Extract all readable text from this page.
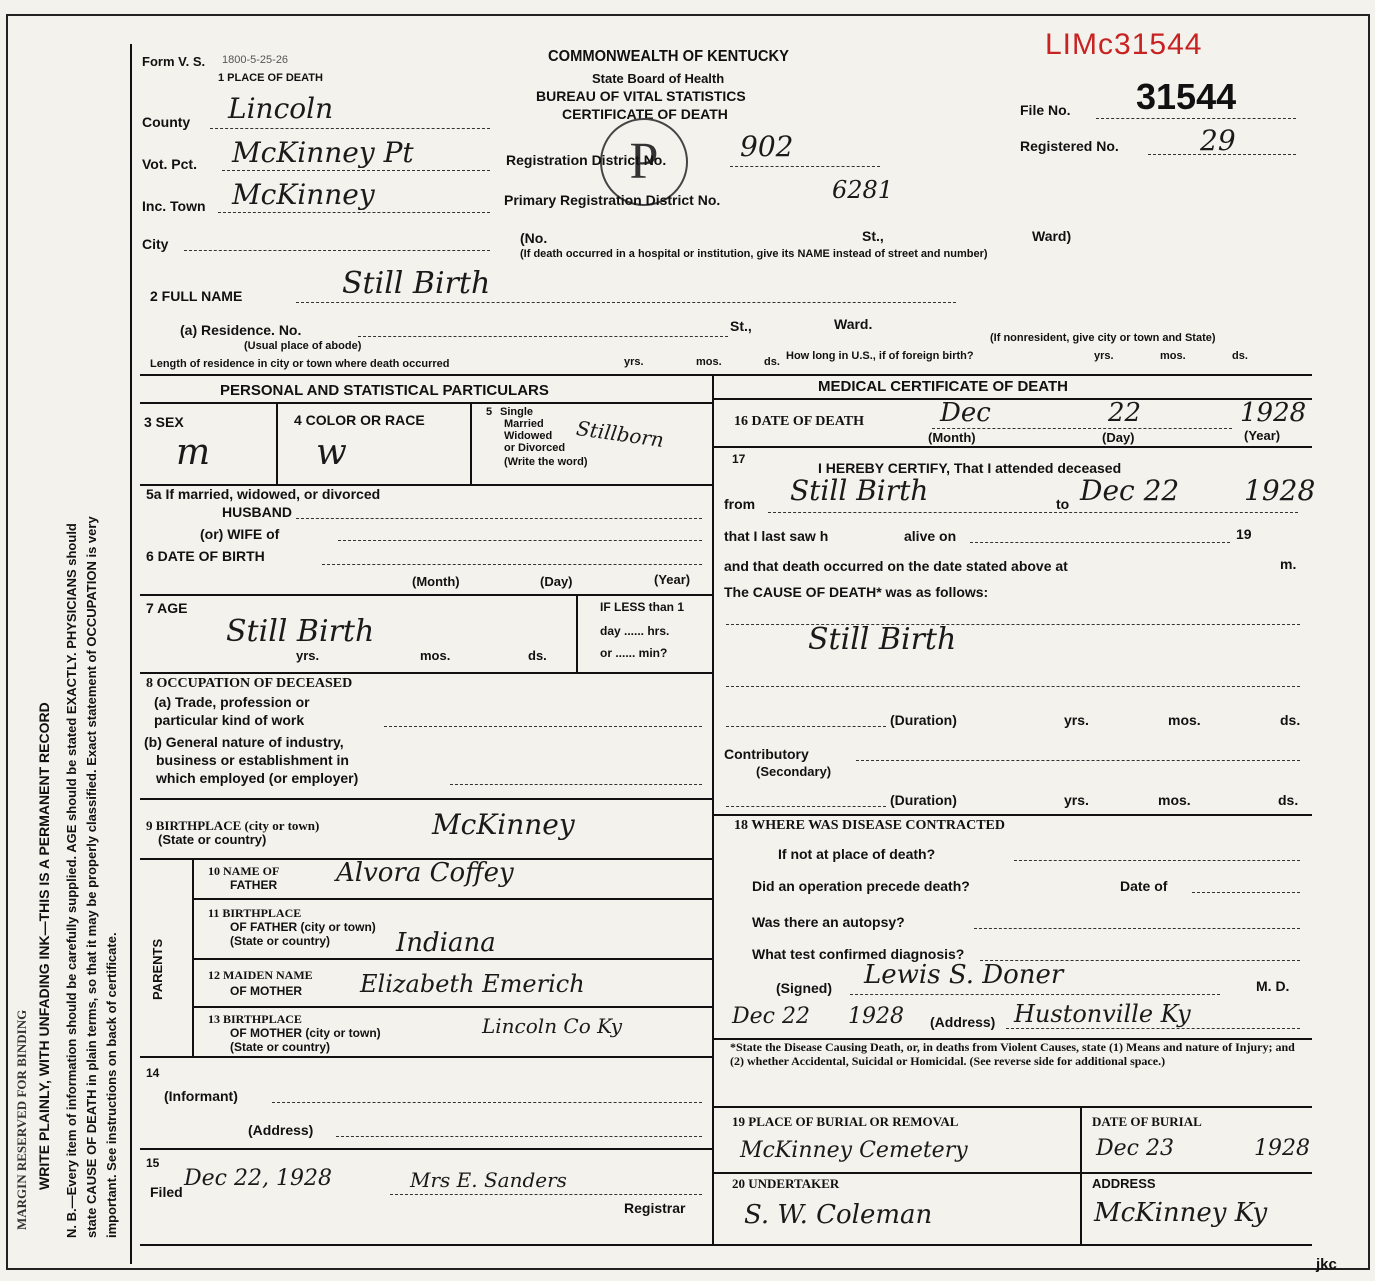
MARGIN RESERVED FOR BINDING WRITE PLAINLY, WITH UNFADING INK—THIS IS A PERMANENT RECORD N. B.—Every item of information should be carefully supplied. AGE should be stated EXACTLY. PHYSICIANS should state CAUSE OF DEATH in plain terms, so that it may be properly classified. Exact statement of OCCUPATION is very important. See instructions on back of certificate.
Form V. S. 1800-5-25-26
1 PLACE OF DEATH
COMMONWEALTH OF KENTUCKY
State Board of Health
BUREAU OF VITAL STATISTICS
CERTIFICATE OF DEATH
P
LIMc31544
File No. 31544
Registered No.	29
County Lincoln
Vot. Pct. McKinney Pt	Registration District No.	902
Inc. Town McKinney	Primary Registration District No.	6281
City	(No.	St.,	Ward)
(If death occurred in a hospital or institution, give its NAME instead of street and number)
2 FULL NAME	Still Birth
(a) Residence. No.	St.,	Ward.
(Usual place of abode)
(If nonresident, give city or town and State)
Length of residence in city or town where death occurred	yrs.	mos.	ds. How long in U.S., if of foreign birth?	yrs.	mos.	ds.
PERSONAL AND STATISTICAL PARTICULARS
3 SEX
m
4 COLOR OR RACE
w
5 Single
Married
Widowed
or Divorced
(Write the word)
Stillborn
5a If married, widowed, or divorced
HUSBAND
(or) WIFE of
6 DATE OF BIRTH
(Month)	(Day)	(Year)
7 AGE
Still Birth
yrs.	mos.	ds.
IF LESS than 1
day ...... hrs.
or ...... min?
8 OCCUPATION OF DECEASED
(a) Trade, profession or
particular kind of work
(b) General nature of industry,
business or establishment in
which employed (or employer)
9 BIRTHPLACE (city or town)
(State or country)	McKinney
PARENTS
10 NAME OF
FATHER Alvora Coffey
11 BIRTHPLACE
OF FATHER (city or town)
(State or country)	Indiana
12 MAIDEN NAME
OF MOTHER Elizabeth Emerich
13 BIRTHPLACE
OF MOTHER (city or town)
(State or country)
Lincoln Co Ky
14
(Informant)
(Address)
15
Filed
Dec 22, 1928	Mrs E. Sanders
Registrar
MEDICAL CERTIFICATE OF DEATH
16 DATE OF DEATH	Dec	22	1928
(Month)	(Day)	(Year)
17
I HEREBY CERTIFY, That I attended deceased
from Still Birth	to Dec 22 1928
that I last saw h	alive on	19
and that death occurred on the date stated above at	m.
The CAUSE OF DEATH* was as follows:
Still Birth
(Duration)	yrs.	mos.	ds.
Contributory
(Secondary)
(Duration)	yrs.	mos.	ds.
18 WHERE WAS DISEASE CONTRACTED
If not at place of death?
Did an operation precede death?	Date of
Was there an autopsy?
What test confirmed diagnosis?
(Signed) Lewis S. Doner	M. D.
Dec 22 1928 (Address) Hustonville Ky
*State the Disease Causing Death, or, in deaths from Violent Causes, state (1) Means and nature of Injury; and (2) whether Accidental, Suicidal or Homicidal. (See reverse side for additional space.)
19 PLACE OF BURIAL OR REMOVAL
McKinney Cemetery
DATE OF BURIAL
Dec 23	1928
20 UNDERTAKER
S. W. Coleman
ADDRESS
McKinney Ky
jkc
